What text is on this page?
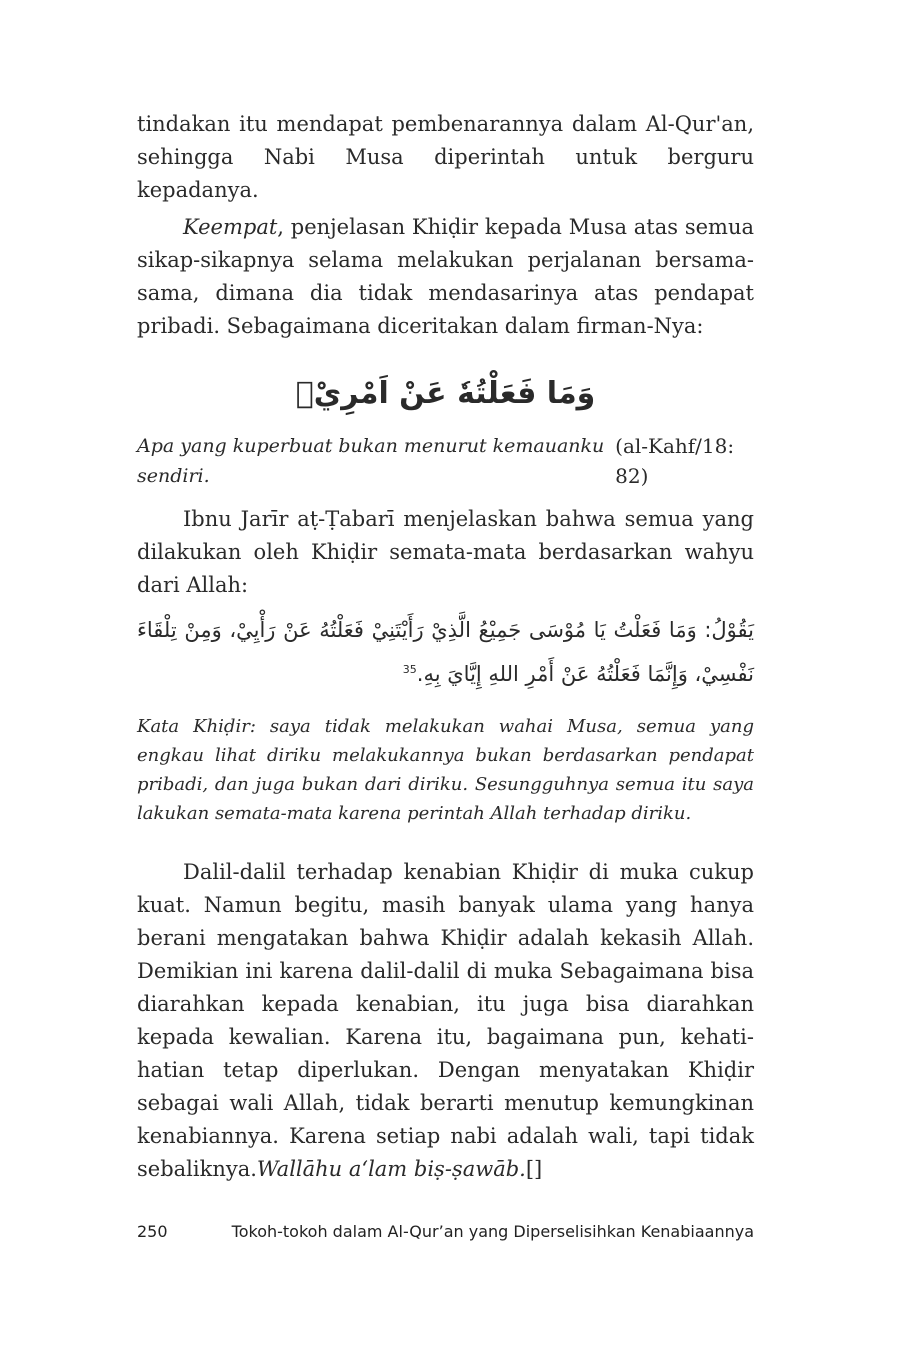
tindakan itu mendapat pembenarannya dalam Al-Qur'an, sehingga Nabi Musa diperintah untuk berguru kepadanya.

Keempat, penjelasan Khiḍir kepada Musa atas semua sikap-sikapnya selama melakukan perjalanan bersama-sama, dimana dia tidak mendasarinya atas pendapat pribadi. Sebagaimana diceritakan dalam firman-Nya:

وَمَا فَعَلْتُهٗ عَنْ اَمْرِيْۗ
Apa yang kuperbuat bukan menurut kemauanku sendiri.
(al-Kahf/18: 82)

Ibnu Jarīr aṭ-Ṭabarī menjelaskan bahwa semua yang dilakukan oleh Khiḍir semata-mata berdasarkan wahyu dari Allah:

يَقُوْلُ: وَمَا فَعَلْتُ يَا مُوْسَى جَمِيْعُ الَّذِيْ رَأَيْتَنِيْ فَعَلْتُهُ عَنْ رَأْيِيْ، وَمِنْ تِلْقَاءَ نَفْسِيْ، وَإِنَّمَا فَعَلْتُهُ عَنْ أَمْرِ اللهِ إِيَّايَ بِهِ.$^{35}$

Kata Khiḍir: saya tidak melakukan wahai Musa, semua yang engkau lihat diriku melakukannya bukan berdasarkan pendapat pribadi, dan juga bukan dari diriku. Sesungguhnya semua itu saya lakukan semata-mata karena perintah Allah terhadap diriku.

Dalil-dalil terhadap kenabian Khiḍir di muka cukup kuat. Namun begitu, masih banyak ulama yang hanya berani mengatakan bahwa Khiḍir adalah kekasih Allah. Demikian ini karena dalil-dalil di muka Sebagaimana bisa diarahkan kepada kenabian, itu juga bisa diarahkan kepada kewalian. Karena itu, bagaimana pun, kehati-hatian tetap diperlukan. Dengan menyatakan Khiḍir sebagai wali Allah, tidak berarti menutup kemungkinan kenabiannya. Karena setiap nabi adalah wali, tapi tidak sebaliknya.Wallāhu a‘lam biṣ-ṣawāb.[]

250	Tokoh-tokoh dalam Al-Qur’an yang Diperselisihkan Kenabiaannya
